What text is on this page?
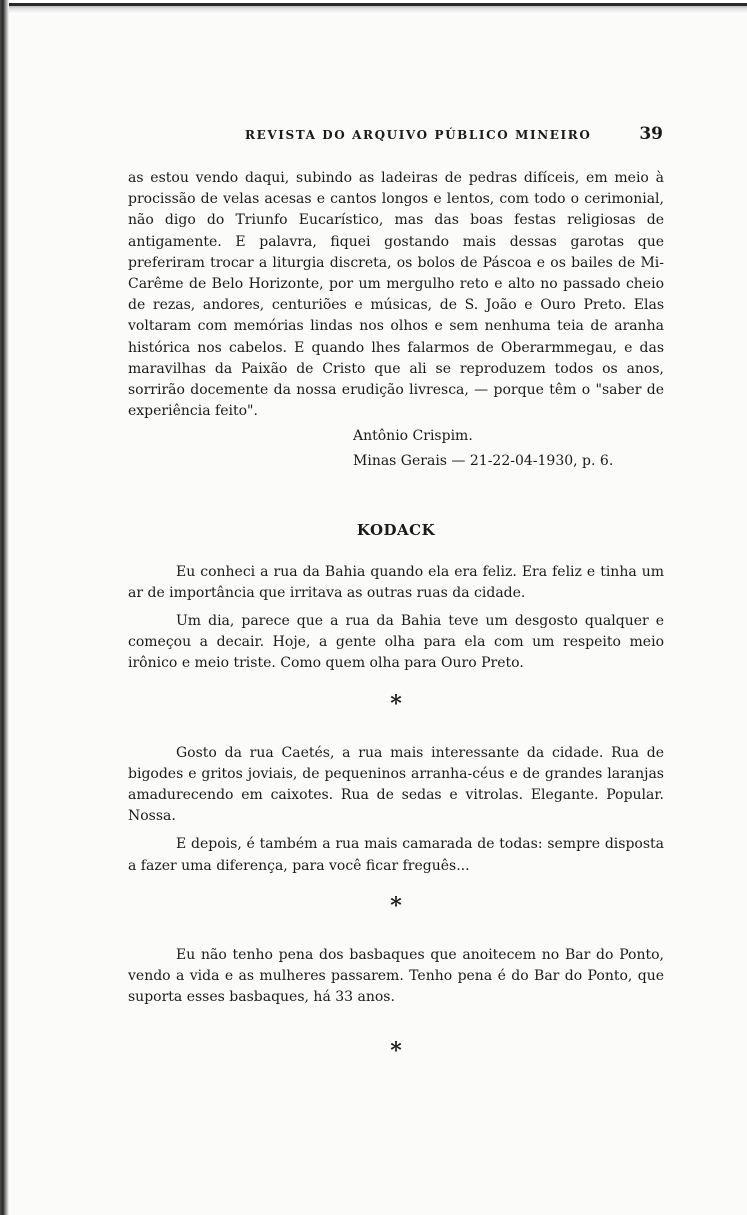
REVISTA DO ARQUIVO PÚBLICO MINEIRO	39

as estou vendo daqui, subindo as ladeiras de pedras difíceis, em meio à procissão de velas acesas e cantos longos e lentos, com todo o cerimonial, não digo do Triunfo Eucarístico, mas das boas festas religiosas de antigamente. E palavra, fiquei gostando mais dessas garotas que preferiram trocar a liturgia discreta, os bolos de Páscoa e os bailes de Mi-Carême de Belo Horizonte, por um mergulho reto e alto no passado cheio de rezas, andores, centuriões e músicas, de S. João e Ouro Preto. Elas voltaram com memórias lindas nos olhos e sem nenhuma teia de aranha histórica nos cabelos. E quando lhes falarmos de Oberarmmegau, e das maravilhas da Paixão de Cristo que ali se reproduzem todos os anos, sorrirão docemente da nossa erudição livresca, — porque têm o "saber de experiência feito".

Antônio Crispim.

Minas Gerais — 21-22-04-1930, p. 6.

KODACK

Eu conheci a rua da Bahia quando ela era feliz. Era feliz e tinha um ar de importância que irritava as outras ruas da cidade.

Um dia, parece que a rua da Bahia teve um desgosto qualquer e começou a decair. Hoje, a gente olha para ela com um respeito meio irônico e meio triste. Como quem olha para Ouro Preto.

*

Gosto da rua Caetés, a rua mais interessante da cidade. Rua de bigodes e gritos joviais, de pequeninos arranha-céus e de grandes laranjas amadurecendo em caixotes. Rua de sedas e vitrolas. Elegante. Popular. Nossa.

E depois, é também a rua mais camarada de todas: sempre disposta a fazer uma diferença, para você ficar freguês...

*

Eu não tenho pena dos basbaques que anoitecem no Bar do Ponto, vendo a vida e as mulheres passarem. Tenho pena é do Bar do Ponto, que suporta esses basbaques, há 33 anos.

*
